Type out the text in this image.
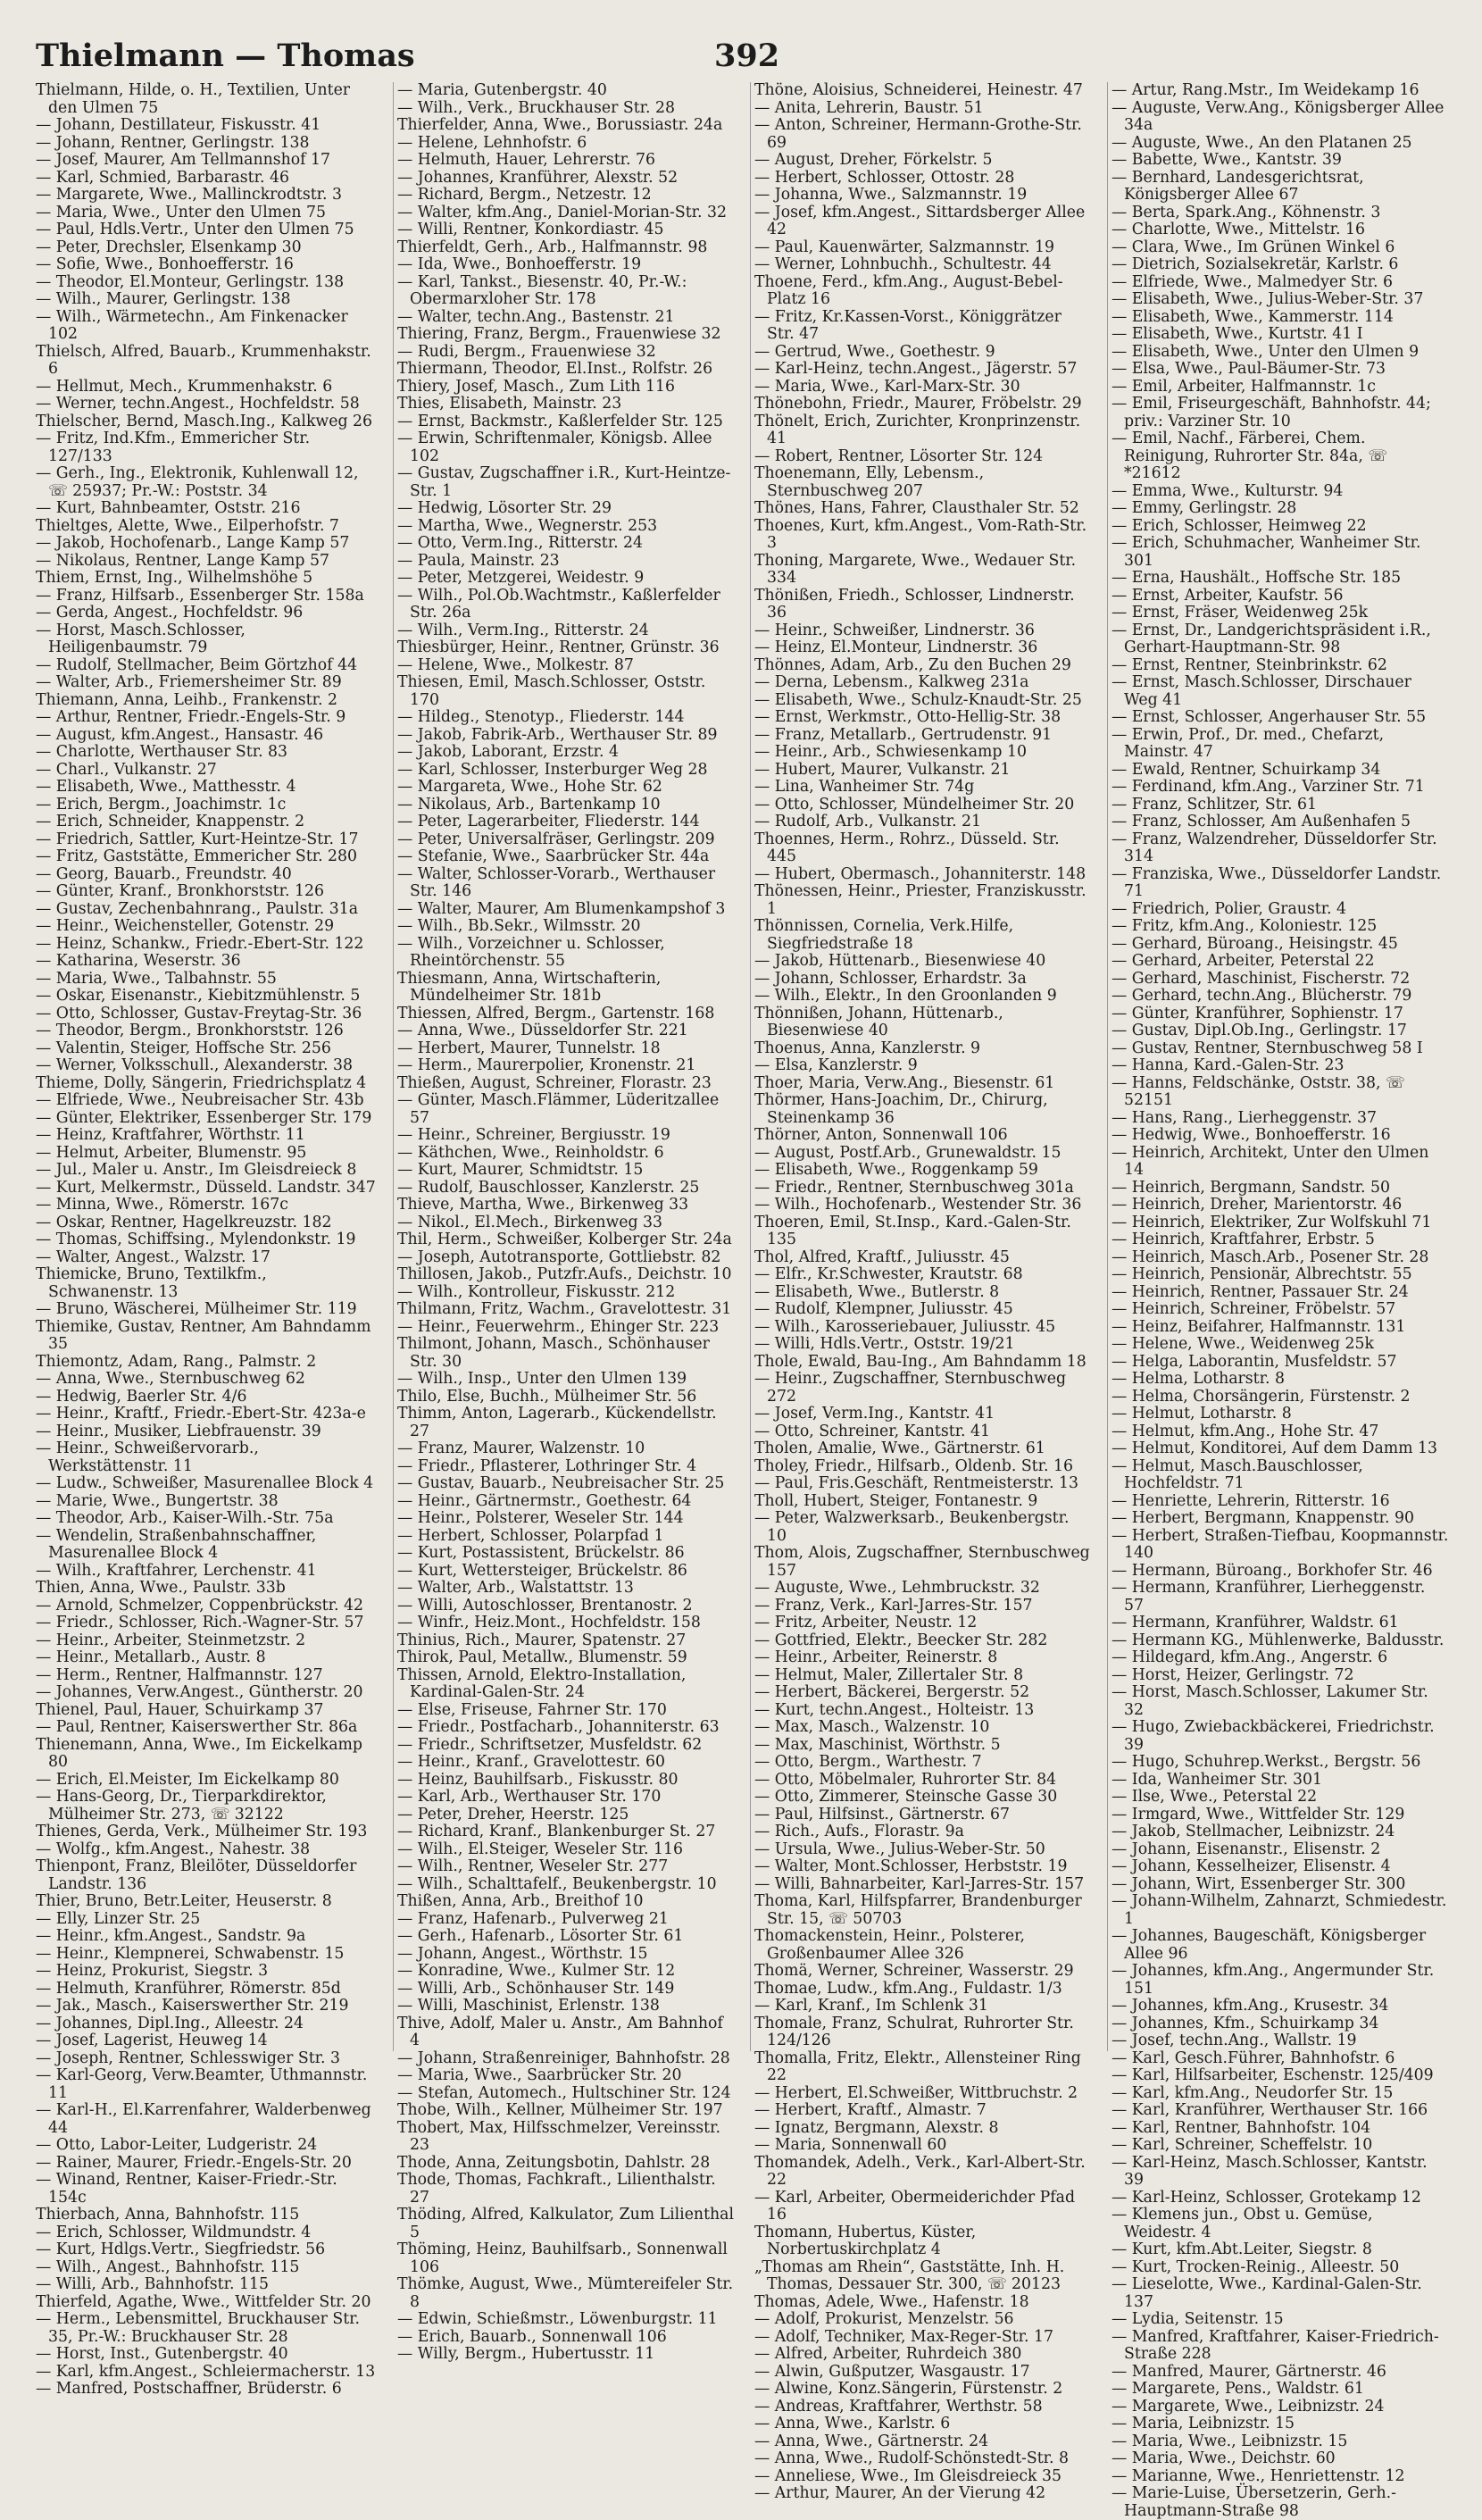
Thielmann — Thomas	392
Thielmann, Hilde, o. H., Textilien, Unter den Ulmen 75
— Johann, Destillateur, Fiskusstr. 41
— Johann, Rentner, Gerlingstr. 138
— Josef, Maurer, Am Tellmannshof 17
— Karl, Schmied, Barbarastr. 46
— Margarete, Wwe., Mallinckrodtstr. 3
— Maria, Wwe., Unter den Ulmen 75
— Paul, Hdls.Vertr., Unter den Ulmen 75
— Peter, Drechsler, Elsenkamp 30
— Sofie, Wwe., Bonhoefferstr. 16
— Theodor, El.Monteur, Gerlingstr. 138
— Wilh., Maurer, Gerlingstr. 138
— Wilh., Wärmetechn., Am Finkenacker 102
Thielsch, Alfred, Bauarb., Krummenhakstr. 6
— Hellmut, Mech., Krummenhakstr. 6
— Werner, techn.Angest., Hochfeldstr. 58
Thielscher, Bernd, Masch.Ing., Kalkweg 26
— Fritz, Ind.Kfm., Emmericher Str. 127/133
— Gerh., Ing., Elektronik, Kuhlenwall 12, ☏ 25937; Pr.-W.: Poststr. 34
— Kurt, Bahnbeamter, Oststr. 216
Thieltges, Alette, Wwe., Eilperhofstr. 7
— Jakob, Hochofenarb., Lange Kamp 57
— Nikolaus, Rentner, Lange Kamp 57
Thiem, Ernst, Ing., Wilhelmshöhe 5
— Franz, Hilfsarb., Essenberger Str. 158a
— Gerda, Angest., Hochfeldstr. 96
— Horst, Masch.Schlosser, Heiligenbaumstr. 79
— Rudolf, Stellmacher, Beim Görtzhof 44
— Walter, Arb., Friemersheimer Str. 89
Thiemann, Anna, Leihb., Frankenstr. 2
— Arthur, Rentner, Friedr.-Engels-Str. 9
— August, kfm.Angest., Hansastr. 46
— Charlotte, Werthauser Str. 83
— Charl., Vulkanstr. 27
— Elisabeth, Wwe., Matthesstr. 4
— Erich, Bergm., Joachimstr. 1c
— Erich, Schneider, Knappenstr. 2
— Friedrich, Sattler, Kurt-Heintze-Str. 17
— Fritz, Gaststätte, Emmericher Str. 280
— Georg, Bauarb., Freundstr. 40
— Günter, Kranf., Bronkhorststr. 126
— Gustav, Zechenbahnrang., Paulstr. 31a
— Heinr., Weichensteller, Gotenstr. 29
— Heinz, Schankw., Friedr.-Ebert-Str. 122
— Katharina, Weserstr. 36
— Maria, Wwe., Talbahnstr. 55
— Oskar, Eisenanstr., Kiebitzmühlenstr. 5
— Otto, Schlosser, Gustav-Freytag-Str. 36
— Theodor, Bergm., Bronkhorststr. 126
— Valentin, Steiger, Hoffsche Str. 256
— Werner, Volksschull., Alexanderstr. 38
Thieme, Dolly, Sängerin, Friedrichsplatz 4
— Elfriede, Wwe., Neubreisacher Str. 43b
— Günter, Elektriker, Essenberger Str. 179
— Heinz, Kraftfahrer, Wörthstr. 11
— Helmut, Arbeiter, Blumenstr. 95
— Jul., Maler u. Anstr., Im Gleisdreieck 8
— Kurt, Melkermstr., Düsseld. Landstr. 347
— Minna, Wwe., Römerstr. 167c
— Oskar, Rentner, Hagelkreuzstr. 182
— Thomas, Schiffsing., Mylendonkstr. 19
— Walter, Angest., Walzstr. 17
Thiemicke, Bruno, Textilkfm., Schwanenstr. 13
— Bruno, Wäscherei, Mülheimer Str. 119
Thiemike, Gustav, Rentner, Am Bahndamm 35
Thiemontz, Adam, Rang., Palmstr. 2
— Anna, Wwe., Sternbuschweg 62
— Hedwig, Baerler Str. 4/6
— Heinr., Kraftf., Friedr.-Ebert-Str. 423a-e
— Heinr., Musiker, Liebfrauenstr. 39
— Heinr., Schweißervorarb., Werkstättenstr. 11
— Ludw., Schweißer, Masurenallee Block 4
— Marie, Wwe., Bungertstr. 38
— Theodor, Arb., Kaiser-Wilh.-Str. 75a
— Wendelin, Straßenbahnschaffner, Masurenallee Block 4
— Wilh., Kraftfahrer, Lerchenstr. 41
Thien, Anna, Wwe., Paulstr. 33b
— Arnold, Schmelzer, Coppenbrückstr. 42
— Friedr., Schlosser, Rich.-Wagner-Str. 57
— Heinr., Arbeiter, Steinmetzstr. 2
— Heinr., Metallarb., Austr. 8
— Herm., Rentner, Halfmannstr. 127
— Johannes, Verw.Angest., Güntherstr. 20
Thienel, Paul, Hauer, Schuirkamp 37
— Paul, Rentner, Kaiserswerther Str. 86a
Thienemann, Anna, Wwe., Im Eickelkamp 80
— Erich, El.Meister, Im Eickelkamp 80
— Hans-Georg, Dr., Tierparkdirektor, Mülheimer Str. 273, ☏ 32122
Thienes, Gerda, Verk., Mülheimer Str. 193
— Wolfg., kfm.Angest., Nahestr. 38
Thienpont, Franz, Bleilöter, Düsseldorfer Landstr. 136
Thier, Bruno, Betr.Leiter, Heuserstr. 8
— Elly, Linzer Str. 25
— Heinr., kfm.Angest., Sandstr. 9a
— Heinr., Klempnerei, Schwabenstr. 15
— Heinz, Prokurist, Siegstr. 3
— Helmuth, Kranführer, Römerstr. 85d
— Jak., Masch., Kaiserswerther Str. 219
— Johannes, Dipl.Ing., Alleestr. 24
— Josef, Lagerist, Heuweg 14
— Joseph, Rentner, Schlesswiger Str. 3
— Karl-Georg, Verw.Beamter, Uthmannstr. 11
— Karl-H., El.Karrenfahrer, Walderbenweg 44
— Otto, Labor-Leiter, Ludgeristr. 24
— Rainer, Maurer, Friedr.-Engels-Str. 20
— Winand, Rentner, Kaiser-Friedr.-Str. 154c
Thierbach, Anna, Bahnhofstr. 115
— Erich, Schlosser, Wildmundstr. 4
— Kurt, Hdlgs.Vertr., Siegfriedstr. 56
— Wilh., Angest., Bahnhofstr. 115
— Willi, Arb., Bahnhofstr. 115
Thierfeld, Agathe, Wwe., Wittfelder Str. 20
— Herm., Lebensmittel, Bruckhauser Str. 35, Pr.-W.: Bruckhauser Str. 28
— Horst, Inst., Gutenbergstr. 40
— Karl, kfm.Angest., Schleiermacherstr. 13
— Manfred, Postschaffner, Brüderstr. 6
— Maria, Gutenbergstr. 40
— Wilh., Verk., Bruckhauser Str. 28
Thierfelder, Anna, Wwe., Borussiastr. 24a
— Helene, Lehnhofstr. 6
— Helmuth, Hauer, Lehrerstr. 76
— Johannes, Kranführer, Alexstr. 52
— Richard, Bergm., Netzestr. 12
— Walter, kfm.Ang., Daniel-Morian-Str. 32
— Willi, Rentner, Konkordiastr. 45
Thierfeldt, Gerh., Arb., Halfmannstr. 98
— Ida, Wwe., Bonhoefferstr. 19
— Karl, Tankst., Biesenstr. 40, Pr.-W.: Obermarxloher Str. 178
— Walter, techn.Ang., Bastenstr. 21
Thiering, Franz, Bergm., Frauenwiese 32
— Rudi, Bergm., Frauenwiese 32
Thiermann, Theodor, El.Inst., Rolfstr. 26
Thiery, Josef, Masch., Zum Lith 116
Thies, Elisabeth, Mainstr. 23
— Ernst, Backmstr., Kaßlerfelder Str. 125
— Erwin, Schriftenmaler, Königsb. Allee 102
— Gustav, Zugschaffner i.R., Kurt-Heintze-Str. 1
— Hedwig, Lösorter Str. 29
— Martha, Wwe., Wegnerstr. 253
— Otto, Verm.Ing., Ritterstr. 24
— Paula, Mainstr. 23
— Peter, Metzgerei, Weidestr. 9
— Wilh., Pol.Ob.Wachtmstr., Kaßlerfelder Str. 26a
— Wilh., Verm.Ing., Ritterstr. 24
Thiesbürger, Heinr., Rentner, Grünstr. 36
— Helene, Wwe., Molkestr. 87
Thiesen, Emil, Masch.Schlosser, Oststr. 170
— Hildeg., Stenotyp., Fliederstr. 144
— Jakob, Fabrik-Arb., Werthauser Str. 89
— Jakob, Laborant, Erzstr. 4
— Karl, Schlosser, Insterburger Weg 28
— Margareta, Wwe., Hohe Str. 62
— Nikolaus, Arb., Bartenkamp 10
— Peter, Lagerarbeiter, Fliederstr. 144
— Peter, Universalfräser, Gerlingstr. 209
— Stefanie, Wwe., Saarbrücker Str. 44a
— Walter, Schlosser-Vorarb., Werthauser Str. 146
— Walter, Maurer, Am Blumenkampshof 3
— Wilh., Bb.Sekr., Wilmsstr. 20
— Wilh., Vorzeichner u. Schlosser, Rheintörchenstr. 55
Thiesmann, Anna, Wirtschafterin, Mündelheimer Str. 181b
Thiessen, Alfred, Bergm., Gartenstr. 168
— Anna, Wwe., Düsseldorfer Str. 221
— Herbert, Maurer, Tunnelstr. 18
— Herm., Maurerpolier, Kronenstr. 21
Thießen, August, Schreiner, Florastr. 23
— Günter, Masch.Flämmer, Lüderitzallee 57
— Heinr., Schreiner, Bergiusstr. 19
— Käthchen, Wwe., Reinholdstr. 6
— Kurt, Maurer, Schmidtstr. 15
— Rudolf, Bauschlosser, Kanzlerstr. 25
Thieve, Martha, Wwe., Birkenweg 33
— Nikol., El.Mech., Birkenweg 33
Thil, Herm., Schweißer, Kolberger Str. 24a
— Joseph, Autotransporte, Gottliebstr. 82
Thillosen, Jakob., Putzfr.Aufs., Deichstr. 10
— Wilh., Kontrolleur, Fiskusstr. 212
Thilmann, Fritz, Wachm., Gravelottestr. 31
— Heinr., Feuerwehrm., Ehinger Str. 223
Thilmont, Johann, Masch., Schönhauser Str. 30
— Wilh., Insp., Unter den Ulmen 139
Thilo, Else, Buchh., Mülheimer Str. 56
Thimm, Anton, Lagerarb., Kückendellstr. 27
— Franz, Maurer, Walzenstr. 10
— Friedr., Pflasterer, Lothringer Str. 4
— Gustav, Bauarb., Neubreisacher Str. 25
— Heinr., Gärtnermstr., Goethestr. 64
— Heinr., Polsterer, Weseler Str. 144
— Herbert, Schlosser, Polarpfad 1
— Kurt, Postassistent, Brückelstr. 86
— Kurt, Wettersteiger, Brückelstr. 86
— Walter, Arb., Walstattstr. 13
— Willi, Autoschlosser, Brentanostr. 2
— Winfr., Heiz.Mont., Hochfeldstr. 158
Thinius, Rich., Maurer, Spatenstr. 27
Thirok, Paul, Metallw., Blumenstr. 59
Thissen, Arnold, Elektro-Installation, Kardinal-Galen-Str. 24
— Else, Friseuse, Fahrner Str. 170
— Friedr., Postfacharb., Johanniterstr. 63
— Friedr., Schriftsetzer, Musfeldstr. 62
— Heinr., Kranf., Gravelottestr. 60
— Heinz, Bauhilfsarb., Fiskusstr. 80
— Karl, Arb., Werthauser Str. 170
— Peter, Dreher, Heerstr. 125
— Richard, Kranf., Blankenburger St. 27
— Wilh., El.Steiger, Weseler Str. 116
— Wilh., Rentner, Weseler Str. 277
— Wilh., Schalttafelf., Beukenbergstr. 10
Thißen, Anna, Arb., Breithof 10
— Franz, Hafenarb., Pulverweg 21
— Gerh., Hafenarb., Lösorter Str. 61
— Johann, Angest., Wörthstr. 15
— Konradine, Wwe., Kulmer Str. 12
— Willi, Arb., Schönhauser Str. 149
— Willi, Maschinist, Erlenstr. 138
Thive, Adolf, Maler u. Anstr., Am Bahnhof 4
— Johann, Straßenreiniger, Bahnhofstr. 28
— Maria, Wwe., Saarbrücker Str. 20
— Stefan, Automech., Hultschiner Str. 124
Thobe, Wilh., Kellner, Mülheimer Str. 197
Thobert, Max, Hilfsschmelzer, Vereinsstr. 23
Thode, Anna, Zeitungsbotin, Dahlstr. 28
Thode, Thomas, Fachkraft., Lilienthalstr. 27
Thöding, Alfred, Kalkulator, Zum Lilienthal 5
Thöming, Heinz, Bauhilfsarb., Sonnenwall 106
Thömke, August, Wwe., Mümtereifeler Str. 8
— Edwin, Schießmstr., Löwenburgstr. 11
— Erich, Bauarb., Sonnenwall 106
— Willy, Bergm., Hubertusstr. 11
Thöne, Aloisius, Schneiderei, Heinestr. 47
— Anita, Lehrerin, Baustr. 51
— Anton, Schreiner, Hermann-Grothe-Str. 69
— August, Dreher, Förkelstr. 5
— Herbert, Schlosser, Ottostr. 28
— Johanna, Wwe., Salzmannstr. 19
— Josef, kfm.Angest., Sittardsberger Allee 42
— Paul, Kauenwärter, Salzmannstr. 19
— Werner, Lohnbuchh., Schultestr. 44
Thoene, Ferd., kfm.Ang., August-Bebel-Platz 16
— Fritz, Kr.Kassen-Vorst., Königgrätzer Str. 47
— Gertrud, Wwe., Goethestr. 9
— Karl-Heinz, techn.Angest., Jägerstr. 57
— Maria, Wwe., Karl-Marx-Str. 30
Thönebohn, Friedr., Maurer, Fröbelstr. 29
Thönelt, Erich, Zurichter, Kronprinzenstr. 41
— Robert, Rentner, Lösorter Str. 124
Thoenemann, Elly, Lebensm., Sternbuschweg 207
Thönes, Hans, Fahrer, Clausthaler Str. 52
Thoenes, Kurt, kfm.Angest., Vom-Rath-Str. 3
Thoning, Margarete, Wwe., Wedauer Str. 334
Thönißen, Friedh., Schlosser, Lindnerstr. 36
— Heinr., Schweißer, Lindnerstr. 36
— Heinz, El.Monteur, Lindnerstr. 36
Thönnes, Adam, Arb., Zu den Buchen 29
— Derna, Lebensm., Kalkweg 231a
— Elisabeth, Wwe., Schulz-Knaudt-Str. 25
— Ernst, Werkmstr., Otto-Hellig-Str. 38
— Franz, Metallarb., Gertrudenstr. 91
— Heinr., Arb., Schwiesenkamp 10
— Hubert, Maurer, Vulkanstr. 21
— Lina, Wanheimer Str. 74g
— Otto, Schlosser, Mündelheimer Str. 20
— Rudolf, Arb., Vulkanstr. 21
Thoennes, Herm., Rohrz., Düsseld. Str. 445
— Hubert, Obermasch., Johanniterstr. 148
Thönessen, Heinr., Priester, Franziskusstr. 1
Thönnissen, Cornelia, Verk.Hilfe, Siegfriedstraße 18
— Jakob, Hüttenarb., Biesenwiese 40
— Johann, Schlosser, Erhardstr. 3a
— Wilh., Elektr., In den Groonlanden 9
Thönnißen, Johann, Hüttenarb., Biesenwiese 40
Thoenus, Anna, Kanzlerstr. 9
— Elsa, Kanzlerstr. 9
Thoer, Maria, Verw.Ang., Biesenstr. 61
Thörmer, Hans-Joachim, Dr., Chirurg, Steinenkamp 36
Thörner, Anton, Sonnenwall 106
— August, Postf.Arb., Grunewaldstr. 15
— Elisabeth, Wwe., Roggenkamp 59
— Friedr., Rentner, Sternbuschweg 301a
— Wilh., Hochofenarb., Westender Str. 36
Thoeren, Emil, St.Insp., Kard.-Galen-Str. 135
Thol, Alfred, Kraftf., Juliusstr. 45
— Elfr., Kr.Schwester, Krautstr. 68
— Elisabeth, Wwe., Butlerstr. 8
— Rudolf, Klempner, Juliusstr. 45
— Wilh., Karosseriebauer, Juliusstr. 45
— Willi, Hdls.Vertr., Oststr. 19/21
Thole, Ewald, Bau-Ing., Am Bahndamm 18
— Heinr., Zugschaffner, Sternbuschweg 272
— Josef, Verm.Ing., Kantstr. 41
— Otto, Schreiner, Kantstr. 41
Tholen, Amalie, Wwe., Gärtnerstr. 61
Tholey, Friedr., Hilfsarb., Oldenb. Str. 16
— Paul, Fris.Geschäft, Rentmeisterstr. 13
Tholl, Hubert, Steiger, Fontanestr. 9
— Peter, Walzwerksarb., Beukenbergstr. 10
Thom, Alois, Zugschaffner, Sternbuschweg 157
— Auguste, Wwe., Lehmbruckstr. 32
— Franz, Verk., Karl-Jarres-Str. 157
— Fritz, Arbeiter, Neustr. 12
— Gottfried, Elektr., Beecker Str. 282
— Heinr., Arbeiter, Reinerstr. 8
— Helmut, Maler, Zillertaler Str. 8
— Herbert, Bäckerei, Bergerstr. 52
— Kurt, techn.Angest., Holteistr. 13
— Max, Masch., Walzenstr. 10
— Max, Maschinist, Wörthstr. 5
— Otto, Bergm., Warthestr. 7
— Otto, Möbelmaler, Ruhrorter Str. 84
— Otto, Zimmerer, Steinsche Gasse 30
— Paul, Hilfsinst., Gärtnerstr. 67
— Rich., Aufs., Florastr. 9a
— Ursula, Wwe., Julius-Weber-Str. 50
— Walter, Mont.Schlosser, Herbststr. 19
— Willi, Bahnarbeiter, Karl-Jarres-Str. 157
Thoma, Karl, Hilfspfarrer, Brandenburger Str. 15, ☏ 50703
Thomackenstein, Heinr., Polsterer, Großenbaumer Allee 326
Thomä, Werner, Schreiner, Wasserstr. 29
Thomae, Ludw., kfm.Ang., Fuldastr. 1/3
— Karl, Kranf., Im Schlenk 31
Thomale, Franz, Schulrat, Ruhrorter Str. 124/126
Thomalla, Fritz, Elektr., Allensteiner Ring 22
— Herbert, El.Schweißer, Wittbruchstr. 2
— Herbert, Kraftf., Almastr. 7
— Ignatz, Bergmann, Alexstr. 8
— Maria, Sonnenwall 60
Thomandek, Adelh., Verk., Karl-Albert-Str. 22
— Karl, Arbeiter, Obermeiderichder Pfad 16
Thomann, Hubertus, Küster, Norbertuskirchplatz 4
„Thomas am Rhein“, Gaststätte, Inh. H. Thomas, Dessauer Str. 300, ☏ 20123
Thomas, Adele, Wwe., Hafenstr. 18
— Adolf, Prokurist, Menzelstr. 56
— Adolf, Techniker, Max-Reger-Str. 17
— Alfred, Arbeiter, Ruhrdeich 380
— Alwin, Gußputzer, Wasgaustr. 17
— Alwine, Konz.Sängerin, Fürstenstr. 2
— Andreas, Kraftfahrer, Werthstr. 58
— Anna, Wwe., Karlstr. 6
— Anna, Wwe., Gärtnerstr. 24
— Anna, Wwe., Rudolf-Schönstedt-Str. 8
— Anneliese, Wwe., Im Gleisdreieck 35
— Arthur, Maurer, An der Vierung 42
— Artur, Rang.Mstr., Im Weidekamp 16
— Auguste, Verw.Ang., Königsberger Allee 34a
— Auguste, Wwe., An den Platanen 25
— Babette, Wwe., Kantstr. 39
— Bernhard, Landesgerichtsrat, Königsberger Allee 67
— Berta, Spark.Ang., Köhnenstr. 3
— Charlotte, Wwe., Mittelstr. 16
— Clara, Wwe., Im Grünen Winkel 6
— Dietrich, Sozialsekretär, Karlstr. 6
— Elfriede, Wwe., Malmedyer Str. 6
— Elisabeth, Wwe., Julius-Weber-Str. 37
— Elisabeth, Wwe., Kammerstr. 114
— Elisabeth, Wwe., Kurtstr. 41 I
— Elisabeth, Wwe., Unter den Ulmen 9
— Elsa, Wwe., Paul-Bäumer-Str. 73
— Emil, Arbeiter, Halfmannstr. 1c
— Emil, Friseurgeschäft, Bahnhofstr. 44; priv.: Varziner Str. 10
— Emil, Nachf., Färberei, Chem. Reinigung, Ruhrorter Str. 84a, ☏ *21612
— Emma, Wwe., Kulturstr. 94
— Emmy, Gerlingstr. 28
— Erich, Schlosser, Heimweg 22
— Erich, Schuhmacher, Wanheimer Str. 301
— Erna, Haushält., Hoffsche Str. 185
— Ernst, Arbeiter, Kaufstr. 56
— Ernst, Fräser, Weidenweg 25k
— Ernst, Dr., Landgerichtspräsident i.R., Gerhart-Hauptmann-Str. 98
— Ernst, Rentner, Steinbrinkstr. 62
— Ernst, Masch.Schlosser, Dirschauer Weg 41
— Ernst, Schlosser, Angerhauser Str. 55
— Erwin, Prof., Dr. med., Chefarzt, Mainstr. 47
— Ewald, Rentner, Schuirkamp 34
— Ferdinand, kfm.Ang., Varziner Str. 71
— Franz, Schlitzer, Str. 61
— Franz, Schlosser, Am Außenhafen 5
— Franz, Walzendreher, Düsseldorfer Str. 314
— Franziska, Wwe., Düsseldorfer Landstr. 71
— Friedrich, Polier, Graustr. 4
— Fritz, kfm.Ang., Koloniestr. 125
— Gerhard, Büroang., Heisingstr. 45
— Gerhard, Arbeiter, Peterstal 22
— Gerhard, Maschinist, Fischerstr. 72
— Gerhard, techn.Ang., Blücherstr. 79
— Günter, Kranführer, Sophienstr. 17
— Gustav, Dipl.Ob.Ing., Gerlingstr. 17
— Gustav, Rentner, Sternbuschweg 58 I
— Hanna, Kard.-Galen-Str. 23
— Hanns, Feldschänke, Oststr. 38, ☏ 52151
— Hans, Rang., Lierheggenstr. 37
— Hedwig, Wwe., Bonhoefferstr. 16
— Heinrich, Architekt, Unter den Ulmen 14
— Heinrich, Bergmann, Sandstr. 50
— Heinrich, Dreher, Marientorstr. 46
— Heinrich, Elektriker, Zur Wolfskuhl 71
— Heinrich, Kraftfahrer, Erbstr. 5
— Heinrich, Masch.Arb., Posener Str. 28
— Heinrich, Pensionär, Albrechtstr. 55
— Heinrich, Rentner, Passauer Str. 24
— Heinrich, Schreiner, Fröbelstr. 57
— Heinz, Beifahrer, Halfmannstr. 131
— Helene, Wwe., Weidenweg 25k
— Helga, Laborantin, Musfeldstr. 57
— Helma, Lotharstr. 8
— Helma, Chorsängerin, Fürstenstr. 2
— Helmut, Lotharstr. 8
— Helmut, kfm.Ang., Hohe Str. 47
— Helmut, Konditorei, Auf dem Damm 13
— Helmut, Masch.Bauschlosser, Hochfeldstr. 71
— Henriette, Lehrerin, Ritterstr. 16
— Herbert, Bergmann, Knappenstr. 90
— Herbert, Straßen-Tiefbau, Koopmannstr. 140
— Hermann, Büroang., Borkhofer Str. 46
— Hermann, Kranführer, Lierheggenstr. 57
— Hermann, Kranführer, Waldstr. 61
— Hermann KG., Mühlenwerke, Baldusstr.
— Hildegard, kfm.Ang., Angerstr. 6
— Horst, Heizer, Gerlingstr. 72
— Horst, Masch.Schlosser, Lakumer Str. 32
— Hugo, Zwiebackbäckerei, Friedrichstr. 39
— Hugo, Schuhrep.Werkst., Bergstr. 56
— Ida, Wanheimer Str. 301
— Ilse, Wwe., Peterstal 22
— Irmgard, Wwe., Wittfelder Str. 129
— Jakob, Stellmacher, Leibnizstr. 24
— Johann, Eisenanstr., Elisenstr. 2
— Johann, Kesselheizer, Elisenstr. 4
— Johann, Wirt, Essenberger Str. 300
— Johann-Wilhelm, Zahnarzt, Schmiedestr. 1
— Johannes, Baugeschäft, Königsberger Allee 96
— Johannes, kfm.Ang., Angermunder Str. 151
— Johannes, kfm.Ang., Krusestr. 34
— Johannes, Kfm., Schuirkamp 34
— Josef, techn.Ang., Wallstr. 19
— Karl, Gesch.Führer, Bahnhofstr. 6
— Karl, Hilfsarbeiter, Eschenstr. 125/409
— Karl, kfm.Ang., Neudorfer Str. 15
— Karl, Kranführer, Werthauser Str. 166
— Karl, Rentner, Bahnhofstr. 104
— Karl, Schreiner, Scheffelstr. 10
— Karl-Heinz, Masch.Schlosser, Kantstr. 39
— Karl-Heinz, Schlosser, Grotekamp 12
— Klemens jun., Obst u. Gemüse, Weidestr. 4
— Kurt, kfm.Abt.Leiter, Siegstr. 8
— Kurt, Trocken-Reinig., Alleestr. 50
— Lieselotte, Wwe., Kardinal-Galen-Str. 137
— Lydia, Seitenstr. 15
— Manfred, Kraftfahrer, Kaiser-Friedrich-Straße 228
— Manfred, Maurer, Gärtnerstr. 46
— Margarete, Pens., Waldstr. 61
— Margarete, Wwe., Leibnizstr. 24
— Maria, Leibnizstr. 15
— Maria, Wwe., Leibnizstr. 15
— Maria, Wwe., Deichstr. 60
— Marianne, Wwe., Henriettenstr. 12
— Marie-Luise, Übersetzerin, Gerh.-Hauptmann-Straße 98
